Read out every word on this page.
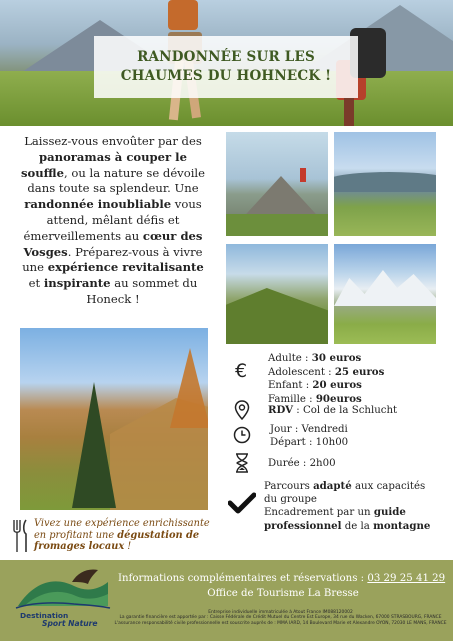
RANDONNÉE SUR LES
CHAUMES DU HOHNECK !
Laissez-vous envoûter par des panoramas à couper le souffle, ou la nature se dévoile dans toute sa splendeur. Une randonnée inoubliable vous attend, mêlant défis et émerveillements au cœur des Vosges. Préparez-vous à vivre une expérience revitalisante et inspirante au sommet du Honeck !
€
Adulte : 30 euros
Adolescent : 25 euros
Enfant : 20 euros
Famille : 90euros
RDV : Col de la Schlucht
Jour : Vendredi
Départ : 10h00
Durée : 2h00
Parcours adapté aux capacités
du groupe
Encadrement par un guide
professionnel de la montagne
Vivez une expérience enrichissante en profitant une dégustation de fromages locaux !
Destination
Sport Nature
Informations complémentaires et réservations : 03 29 25 41 29
Office de Tourisme La Bresse
Entreprise individuelle immatriculée à Atout France IM088120002
La garantie financière est apportée par : Caisse Fédérale de Crédit Mutuel du Centre Est Europe, 34 rue du Wacken, 67000 STRASBOURG, FRANCE
L'assurance responsabilité civile professionnelle est souscrite auprès de : MMA IARD, 14 Boulevard Marie et Alexandre OYON, 72030 LE MANS, FRANCE
